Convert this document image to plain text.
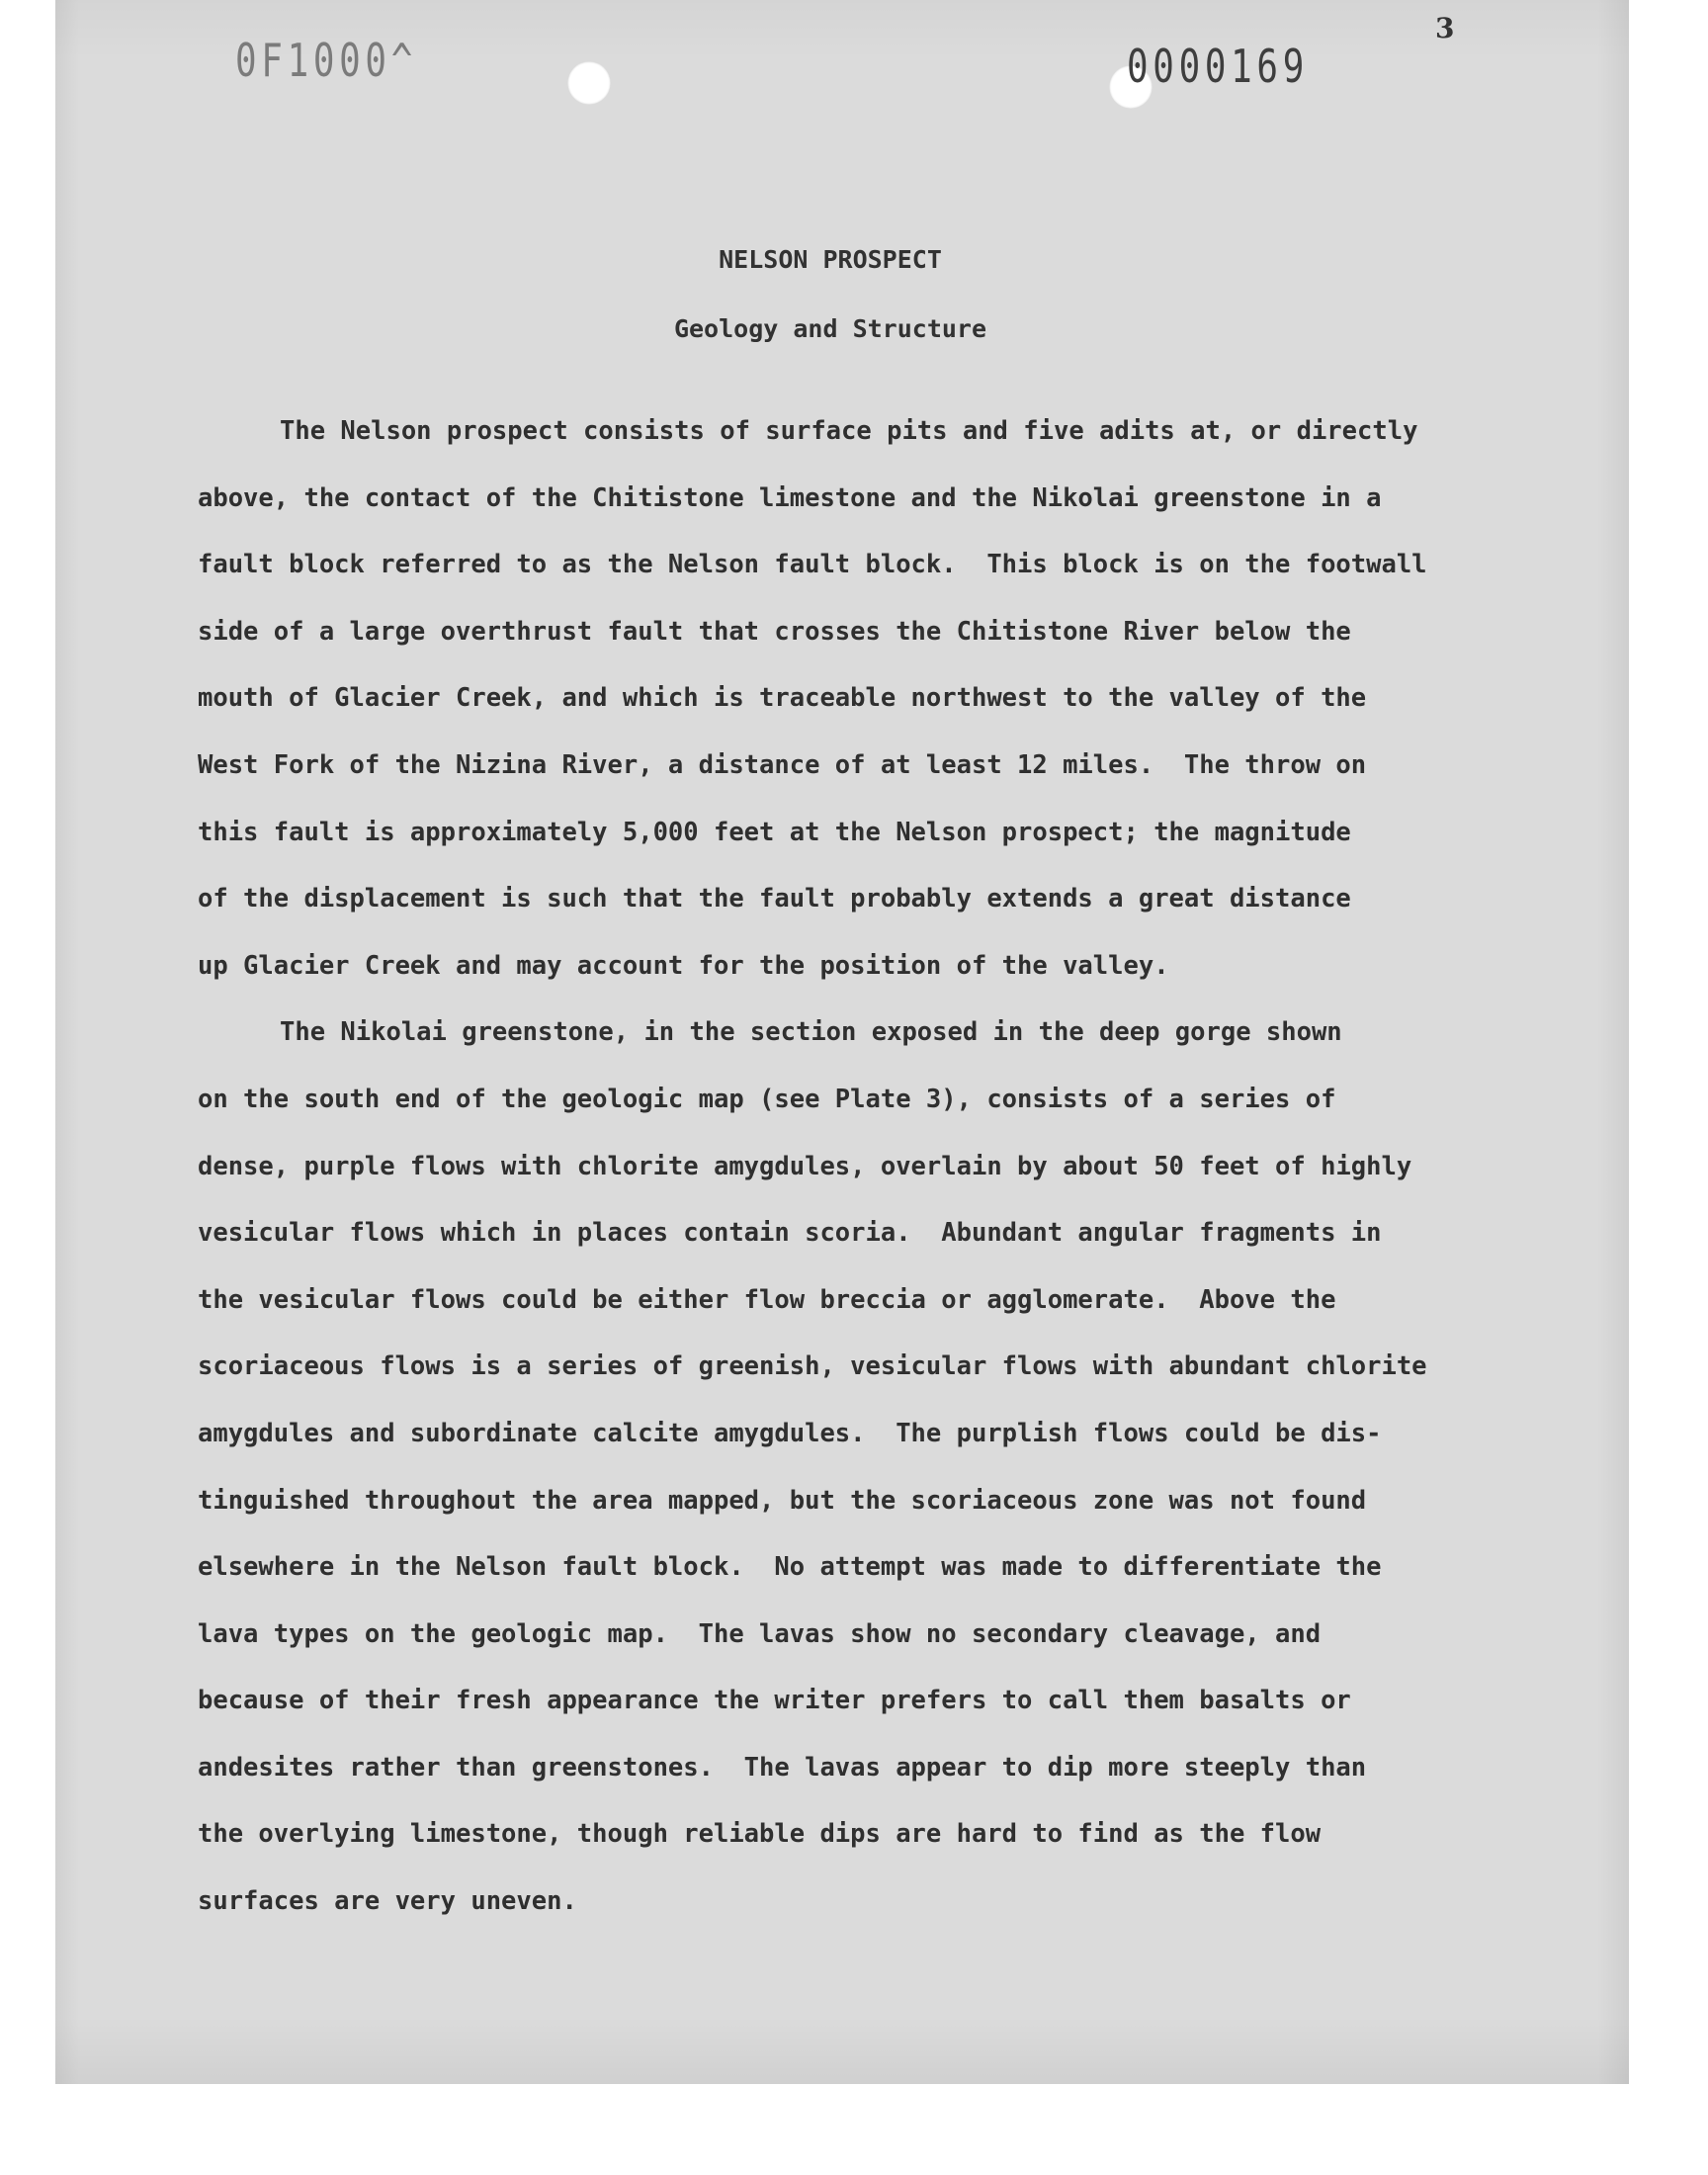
0F1000^	0000169
3
NELSON PROSPECT
Geology and Structure
The Nelson prospect consists of surface pits and five adits at, or directly
above, the contact of the Chitistone limestone and the Nikolai greenstone in a
fault block referred to as the Nelson fault block.  This block is on the footwall
side of a large overthrust fault that crosses the Chitistone River below the
mouth of Glacier Creek, and which is traceable northwest to the valley of the
West Fork of the Nizina River, a distance of at least 12 miles.  The throw on
this fault is approximately 5,000 feet at the Nelson prospect; the magnitude
of the displacement is such that the fault probably extends a great distance
up Glacier Creek and may account for the position of the valley.
The Nikolai greenstone, in the section exposed in the deep gorge shown
on the south end of the geologic map (see Plate 3), consists of a series of
dense, purple flows with chlorite amygdules, overlain by about 50 feet of highly
vesicular flows which in places contain scoria.  Abundant angular fragments in
the vesicular flows could be either flow breccia or agglomerate.  Above the
scoriaceous flows is a series of greenish, vesicular flows with abundant chlorite
amygdules and subordinate calcite amygdules.  The purplish flows could be dis-
tinguished throughout the area mapped, but the scoriaceous zone was not found
elsewhere in the Nelson fault block.  No attempt was made to differentiate the
lava types on the geologic map.  The lavas show no secondary cleavage, and
because of their fresh appearance the writer prefers to call them basalts or
andesites rather than greenstones.  The lavas appear to dip more steeply than
the overlying limestone, though reliable dips are hard to find as the flow
surfaces are very uneven.
